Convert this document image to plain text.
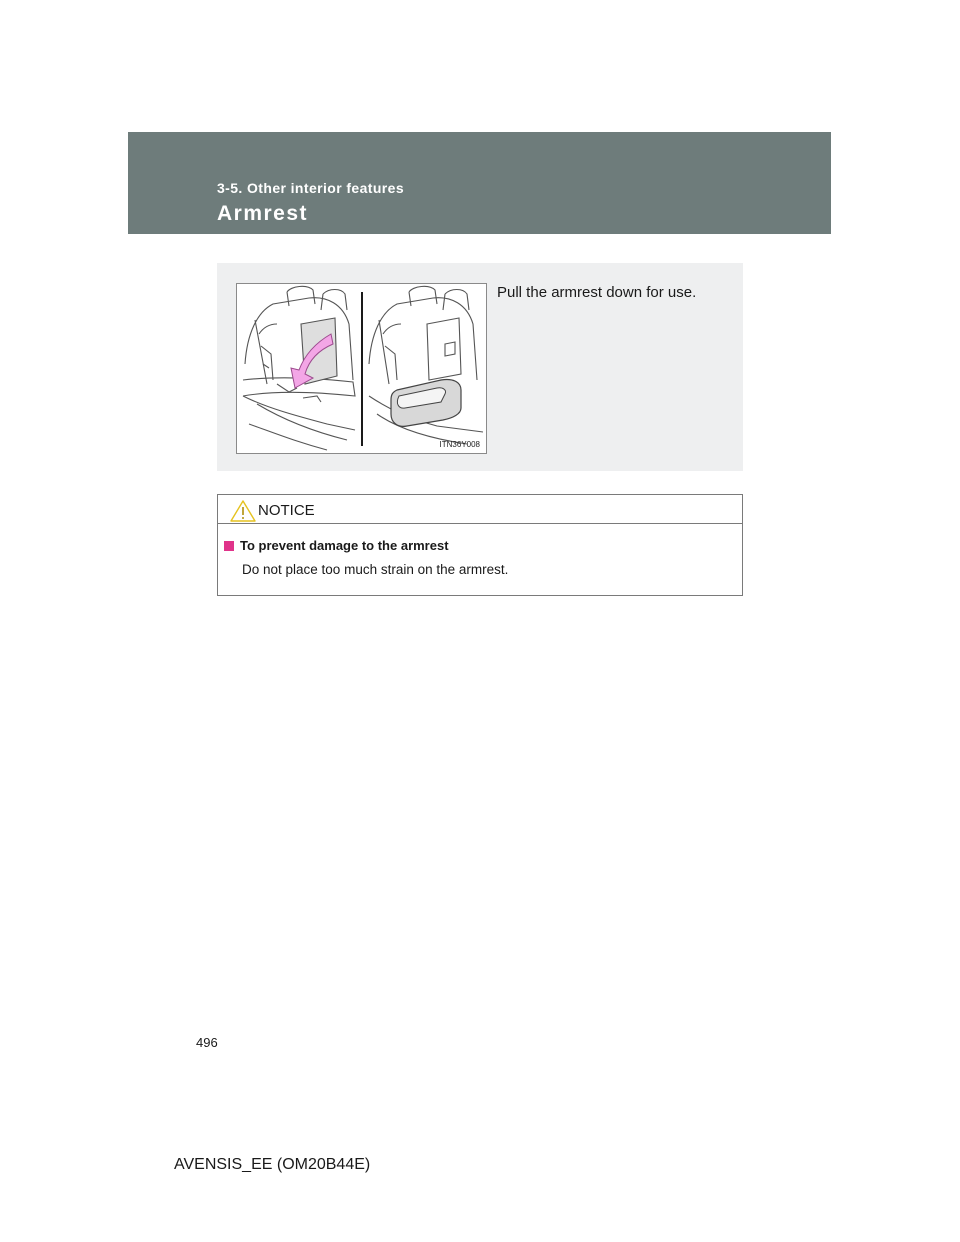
3-5. Other interior features
Armrest
ITN36Y008
Pull the armrest down for use.
NOTICE
To prevent damage to the armrest
Do not place too much strain on the armrest.
496
AVENSIS_EE (OM20B44E)
